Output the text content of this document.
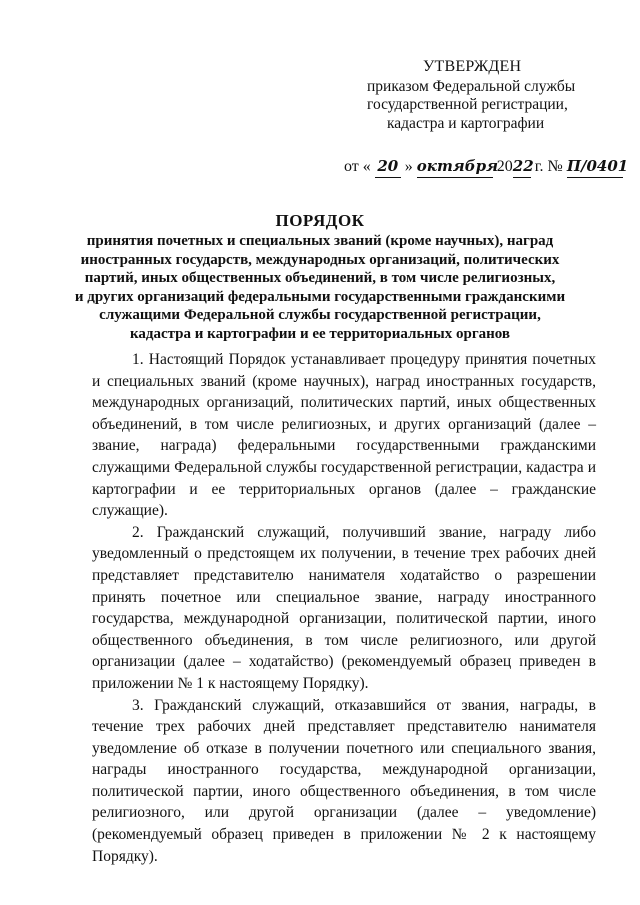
УТВЕРЖДЕН
приказом Федеральной службы
государственной регистрации,
кадастра и картографии
от « 20 » октября 2022 г. № П/0401
ПОРЯДОК
принятия почетных и специальных званий (кроме научных), наград
иностранных государств, международных организаций, политических
партий, иных общественных объединений, в том числе религиозных,
и других организаций федеральными государственными гражданскими
служащими Федеральной службы государственной регистрации,
кадастра и картографии и ее территориальных органов

1. Настоящий Порядок устанавливает процедуру принятия почетных и специальных званий (кроме научных), наград иностранных государств, международных организаций, политических партий, иных общественных объединений, в том числе религиозных, и других организаций (далее – звание, награда) федеральными государственными гражданскими служащими Федеральной службы государственной регистрации, кадастра и картографии и ее территориальных органов (далее – гражданские служащие).

2. Гражданский служащий, получивший звание, награду либо уведомленный о предстоящем их получении, в течение трех рабочих дней представляет представителю нанимателя ходатайство о разрешении принять почетное или специальное звание, награду иностранного государства, международной организации, политической партии, иного общественного объединения, в том числе религиозного, или другой организации (далее – ходатайство) (рекомендуемый образец приведен в приложении № 1 к настоящему Порядку).

3. Гражданский служащий, отказавшийся от звания, награды, в течение трех рабочих дней представляет представителю нанимателя уведомление об отказе в получении почетного или специального звания, награды иностранного государства, международной организации, политической партии, иного общественного объединения, в том числе религиозного, или другой организации (далее – уведомление) (рекомендуемый образец приведен в приложении № 2 к настоящему Порядку).
